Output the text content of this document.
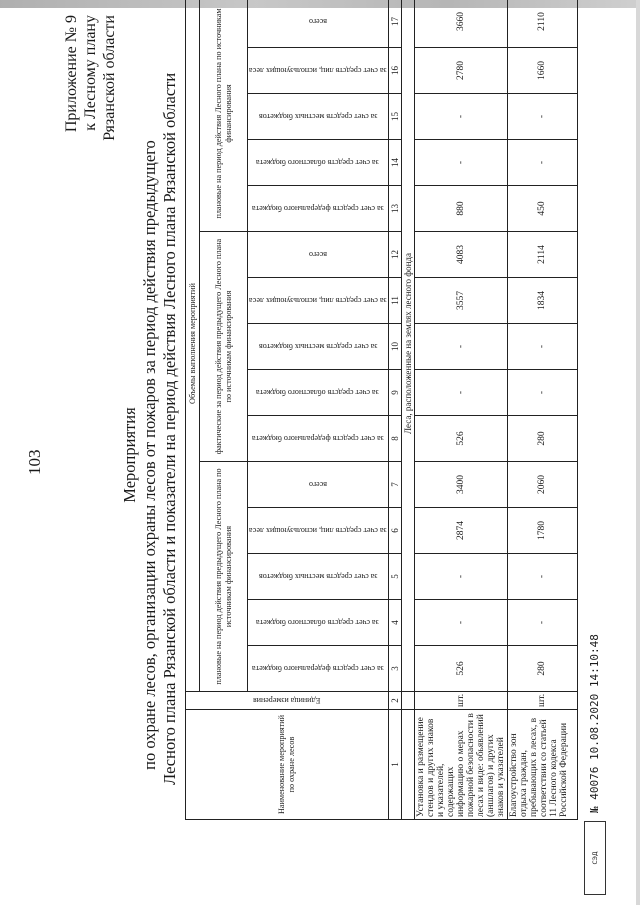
103
Приложение № 9 к Лесному плану Рязанской области
Мероприятия по охране лесов, организации охраны лесов от пожаров за период действия предыдущего Лесного плана Рязанской области и показатели на период действия Лесного плана Рязанской области	Наименование мероприятий по охране лесов	Единица измерения	Объемы выполнения мероприятий														
		плановые на период действия предыдущего Лесного плана по источникам финансирования					фактические за период действия предыдущего Лесного плана по источникам финансирования					плановые на период действия Лесного плана по источникам финансирования				

		за счет средств федерального бюджета	за счет средств областного бюджета	за счет средств местных бюджетов	за счет средств лиц, использующих леса	всего	за счет средств федерального бюджета	за счет средств областного бюджета	за счет средств местных бюджетов	за счет средств лиц, использующих леса	всего	за счет средств федерального бюджета	за счет средств областного бюджета	за счет средств местных бюджетов	за счет средств лиц, использующих леса	всего

1	2	3	4	5	6	7	8	9	10	11	12	13	14	15	16	17
		Леса, расположенные на землях лесного фонда														
Установка и размещение стендов и других знаков и указателей, содержащих информацию о мерах пожарной безопасности в лесах и виде: обьявлений (аншлагов) и других знаков и указателей	шт.	526	-	-	2874	3400	526	-	-	3557	4083	880	-	-	2780	3660
Благоустройство зон отдыха граждан, пребывающих в лесах, в соответствии со статьей 11 Лесного кодекса Российской Федерации	шт.	280	-	-	1780	2060	280	-	-	1834	2114	450	-	-	1660	2110
СЭД
№ 40076 10.08.2020 14:10:48
